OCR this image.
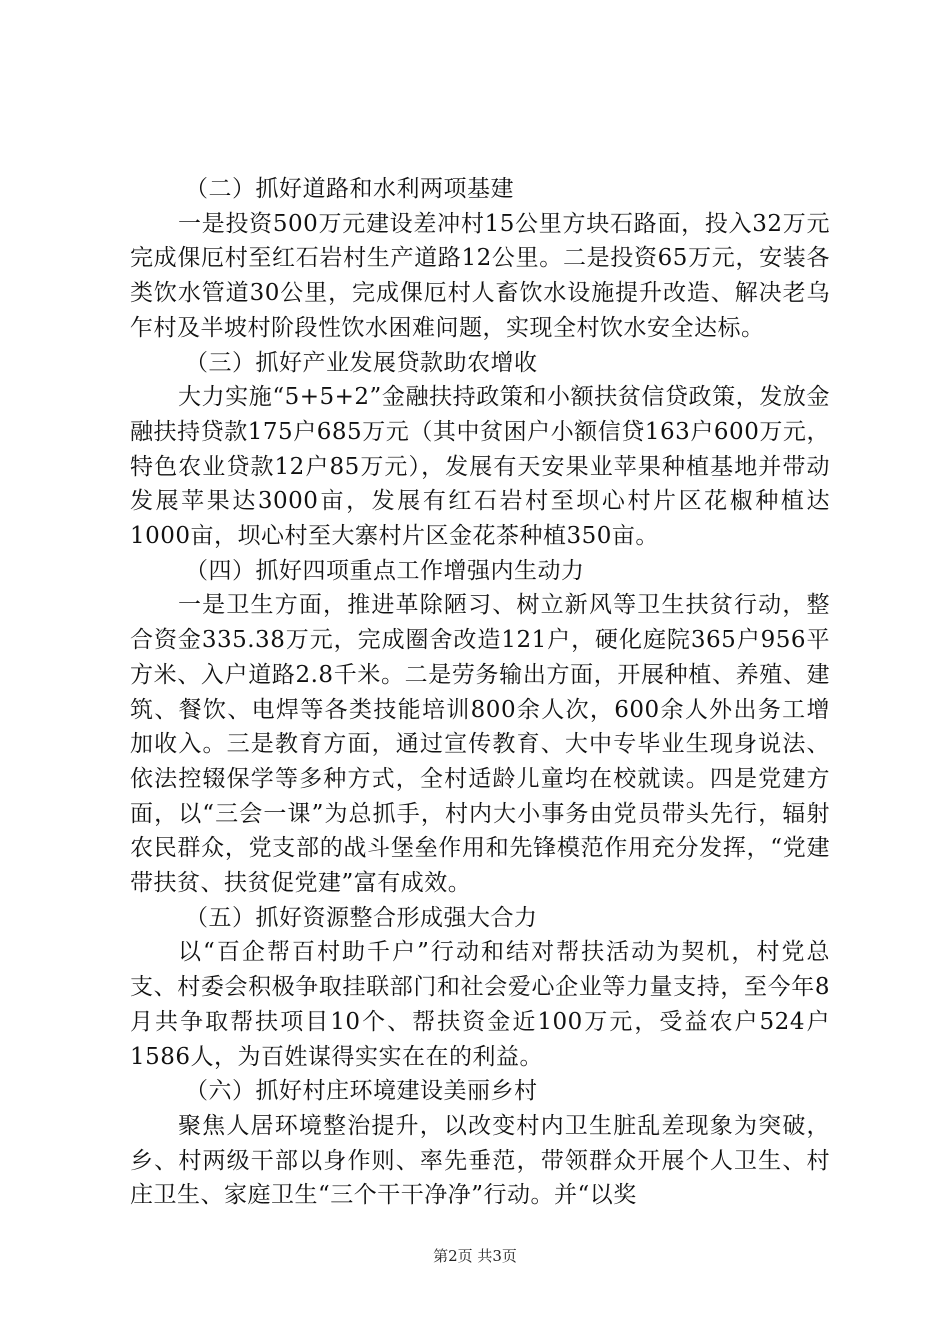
（二）抓好道路和水利两项基建

一是投资500万元建设差冲村15公里方块石路面，投入32万元完成倮厄村至红石岩村生产道路12公里。二是投资65万元，安装各类饮水管道30公里，完成倮厄村人畜饮水设施提升改造、解决老乌乍村及半坡村阶段性饮水困难问题，实现全村饮水安全达标。

（三）抓好产业发展贷款助农增收

大力实施“5+5+2”金融扶持政策和小额扶贫信贷政策，发放金融扶持贷款175户685万元（其中贫困户小额信贷163户600万元，特色农业贷款12户85万元），发展有天安果业苹果种植基地并带动发展苹果达3000亩，发展有红石岩村至坝心村片区花椒种植达1000亩，坝心村至大寨村片区金花茶种植350亩。

（四）抓好四项重点工作增强内生动力

一是卫生方面，推进革除陋习、树立新风等卫生扶贫行动，整合资金335.38万元，完成圈舍改造121户，硬化庭院365户956平方米、入户道路2.8千米。二是劳务输出方面，开展种植、养殖、建筑、餐饮、电焊等各类技能培训800余人次，600余人外出务工增加收入。三是教育方面，通过宣传教育、大中专毕业生现身说法、依法控辍保学等多种方式，全村适龄儿童均在校就读。四是党建方面，以“三会一课”为总抓手，村内大小事务由党员带头先行，辐射农民群众，党支部的战斗堡垒作用和先锋模范作用充分发挥，“党建带扶贫、扶贫促党建”富有成效。

（五）抓好资源整合形成强大合力

以“百企帮百村助千户”行动和结对帮扶活动为契机，村党总支、村委会积极争取挂联部门和社会爱心企业等力量支持，至今年8月共争取帮扶项目10个、帮扶资金近100万元，受益农户524户1586人，为百姓谋得实实在在的利益。

（六）抓好村庄环境建设美丽乡村

聚焦人居环境整治提升，以改变村内卫生脏乱差现象为突破，乡、村两级干部以身作则、率先垂范，带领群众开展个人卫生、村庄卫生、家庭卫生“三个干干净净”行动。并“以奖

第2页 共3页
